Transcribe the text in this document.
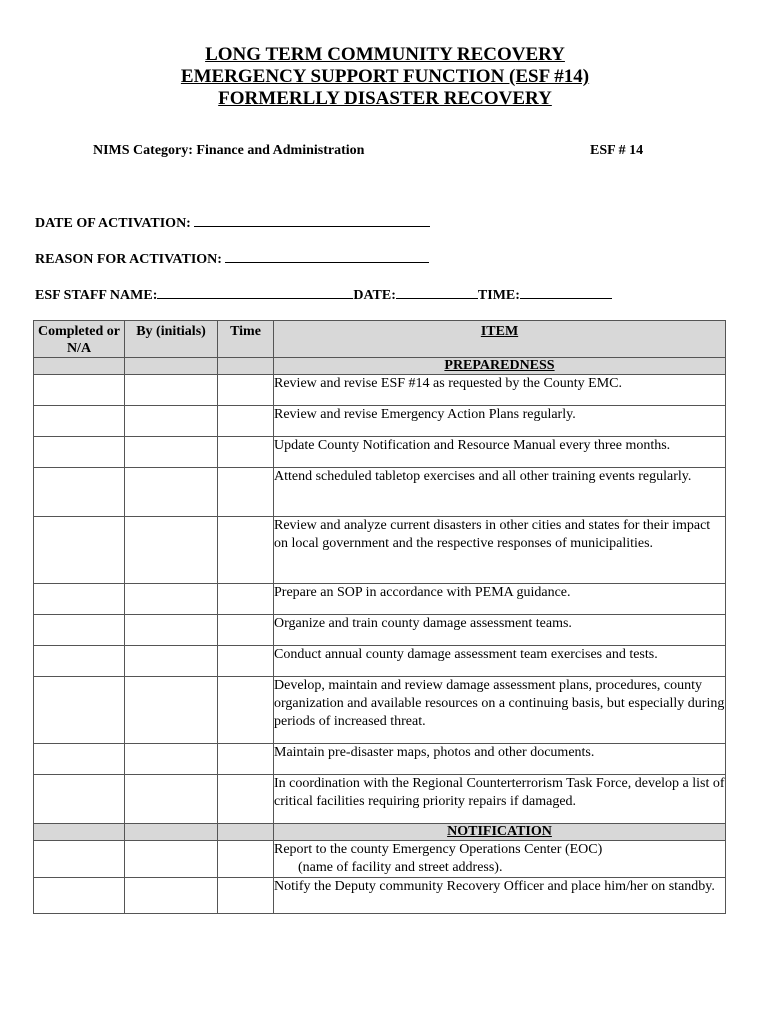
LONG TERM COMMUNITY RECOVERY
EMERGENCY SUPPORT FUNCTION (ESF #14)
FORMERLLY DISASTER RECOVERY
NIMS Category: Finance and Administration	ESF # 14
DATE OF ACTIVATION:
REASON FOR ACTIVATION:
ESF STAFF NAME:	DATE:	TIME:
Completed or N/A	By (initials)	Time	ITEM
			PREPAREDNESS
			Review and revise ESF #14 as requested by the County EMC.
			Review and revise Emergency Action Plans regularly.
			Update County Notification and Resource Manual every three months.
			Attend scheduled tabletop exercises and all other training events regularly.
			Review and analyze current disasters in other cities and states for their impact on local government and the respective responses of municipalities.
			Prepare an SOP in accordance with PEMA guidance.
			Organize and train county damage assessment teams.
			Conduct annual county damage assessment team exercises and tests.
			Develop, maintain and review damage assessment plans, procedures, county organization and available resources on a continuing basis, but especially during        periods of increased threat.
			Maintain pre-disaster maps, photos and other documents.
			In coordination with the Regional Counterterrorism Task Force, develop a list of          critical facilities requiring priority repairs if damaged.
			NOTIFICATION

			Report to the county Emergency Operations Center (EOC)
(name of facility and street address).

			Notify the Deputy community Recovery Officer and place him/her on standby.
